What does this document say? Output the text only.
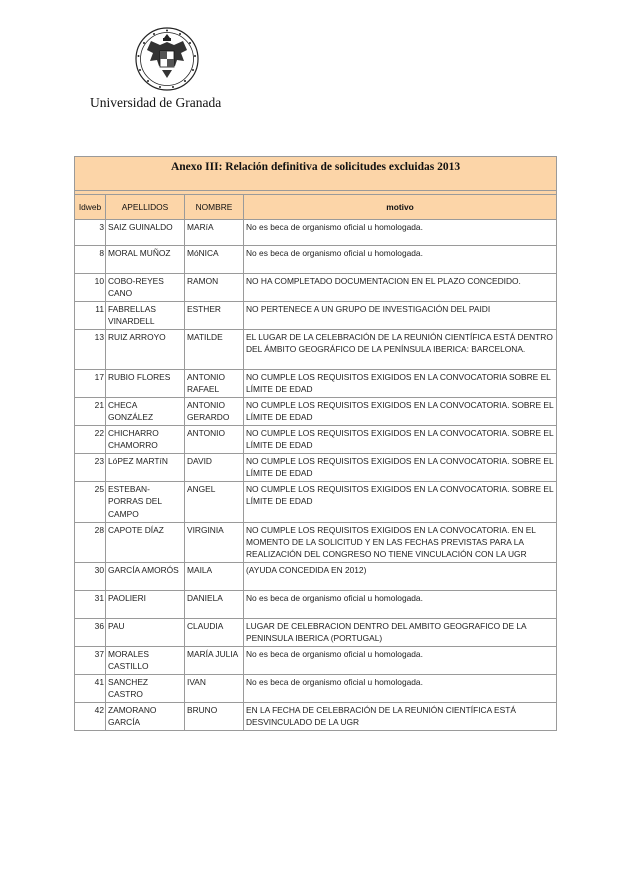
Universidad de Granada
Anexo III: Relación definitiva de solicitudes excluidas 2013			

Idweb	APELLIDOS	NOMBRE	motivo
3	SAIZ GUINALDO	MARíA	No es beca de organismo oficial u homologada.
8	MORAL MUÑOZ	MóNICA	No es beca de organismo oficial u homologada.
10	COBO-REYES CANO	RAMON	NO HA COMPLETADO DOCUMENTACION EN EL PLAZO CONCEDIDO.
11	FABRELLAS VINARDELL	ESTHER	NO PERTENECE A UN GRUPO DE INVESTIGACIÓN DEL PAIDI
13	RUIZ ARROYO	MATILDE	EL LUGAR DE LA CELEBRACIÓN DE LA REUNIÓN CIENTÍFICA ESTÁ DENTRO DEL ÁMBITO GEOGRÁFICO DE LA PENÍNSULA IBERICA: BARCELONA.
17	RUBIO FLORES	ANTONIO RAFAEL	NO CUMPLE LOS REQUISITOS EXIGIDOS EN LA CONVOCATORIA SOBRE EL LÍMITE DE EDAD
21	CHECA GONZÁLEZ	ANTONIO GERARDO	NO CUMPLE LOS REQUISITOS EXIGIDOS EN LA CONVOCATORIA. SOBRE EL LÍMITE DE EDAD
22	CHICHARRO CHAMORRO	ANTONIO	NO CUMPLE LOS REQUISITOS EXIGIDOS EN LA CONVOCATORIA. SOBRE EL LÍMITE DE EDAD
23	LóPEZ MARTíN	DAVID	NO CUMPLE LOS REQUISITOS EXIGIDOS EN LA CONVOCATORIA. SOBRE EL LÍMITE DE EDAD
25	ESTEBAN-PORRAS DEL CAMPO	ANGEL	NO CUMPLE LOS REQUISITOS EXIGIDOS EN LA CONVOCATORIA. SOBRE EL LÍMITE DE EDAD
28	CAPOTE DÍAZ	VIRGINIA	NO CUMPLE LOS REQUISITOS EXIGIDOS EN LA CONVOCATORIA. EN EL MOMENTO DE LA SOLICITUD Y EN LAS FECHAS PREVISTAS PARA LA REALIZACIÓN DEL CONGRESO NO TIENE VINCULACIÓN CON LA UGR
30	GARCÍA AMORÓS	MAILA	(AYUDA CONCEDIDA EN 2012)
31	PAOLIERI	DANIELA	No es beca de organismo oficial u homologada.
36	PAU	CLAUDIA	LUGAR DE CELEBRACION DENTRO DEL AMBITO GEOGRAFICO DE LA PENINSULA IBERICA (PORTUGAL)
37	MORALES CASTILLO	MARÍA JULIA	No es beca de organismo oficial u homologada.
41	SANCHEZ CASTRO	IVAN	No es beca de organismo oficial u homologada.
42	ZAMORANO GARCÍA	BRUNO	EN LA FECHA DE CELEBRACIÓN DE LA REUNIÓN CIENTÍFICA ESTÁ DESVINCULADO DE LA UGR
